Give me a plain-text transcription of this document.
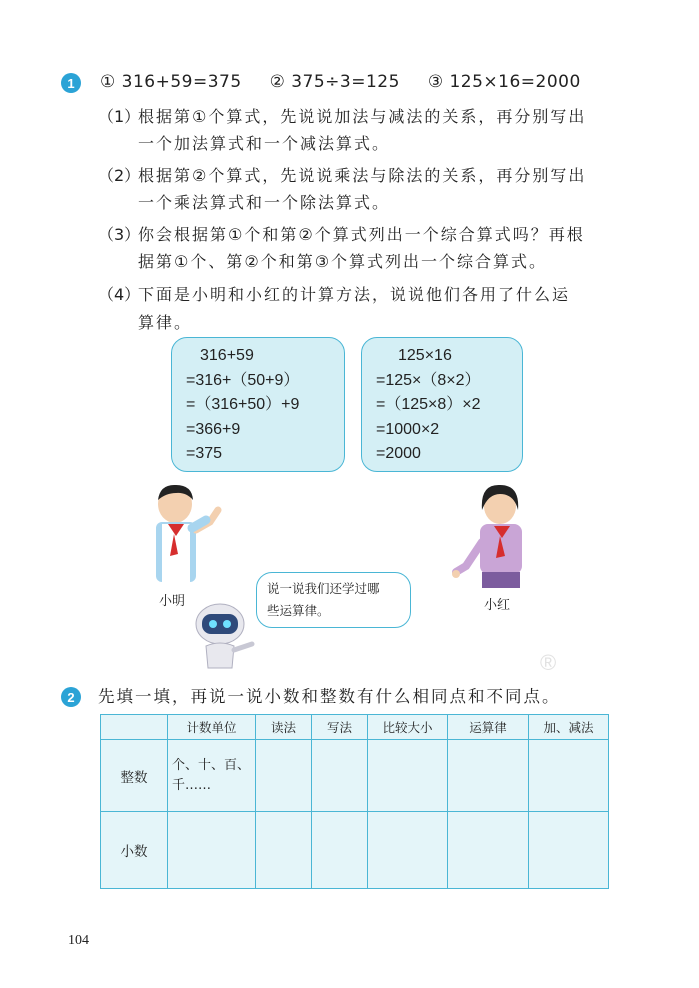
1	① 316+59=375 ② 375÷3=125 ③ 125×16=2000
（1）根据第①个算式，先说说加法与减法的关系，再分别写出
一个加法算式和一个减法算式。
（2）根据第②个算式，先说说乘法与除法的关系，再分别写出
一个乘法算式和一个除法算式。
（3）你会根据第①个和第②个算式列出一个综合算式吗？再根
据第①个、第②个和第③个算式列出一个综合算式。
（4）下面是小明和小红的计算方法，说说他们各用了什么运
算律。
316+59
=316+（50+9）
=（316+50）+9
=366+9
=375
125×16
=125×（8×2）
=（125×8）×2
=1000×2
=2000
小明	小红
说一说我们还学过哪
些运算律。
®
2	先填一填，再说一说小数和整数有什么相同点和不同点。
	计数单位	读法	写法	比较大小	运算律	加、减法
整数	个、十、百、
千……					

小数						
104
